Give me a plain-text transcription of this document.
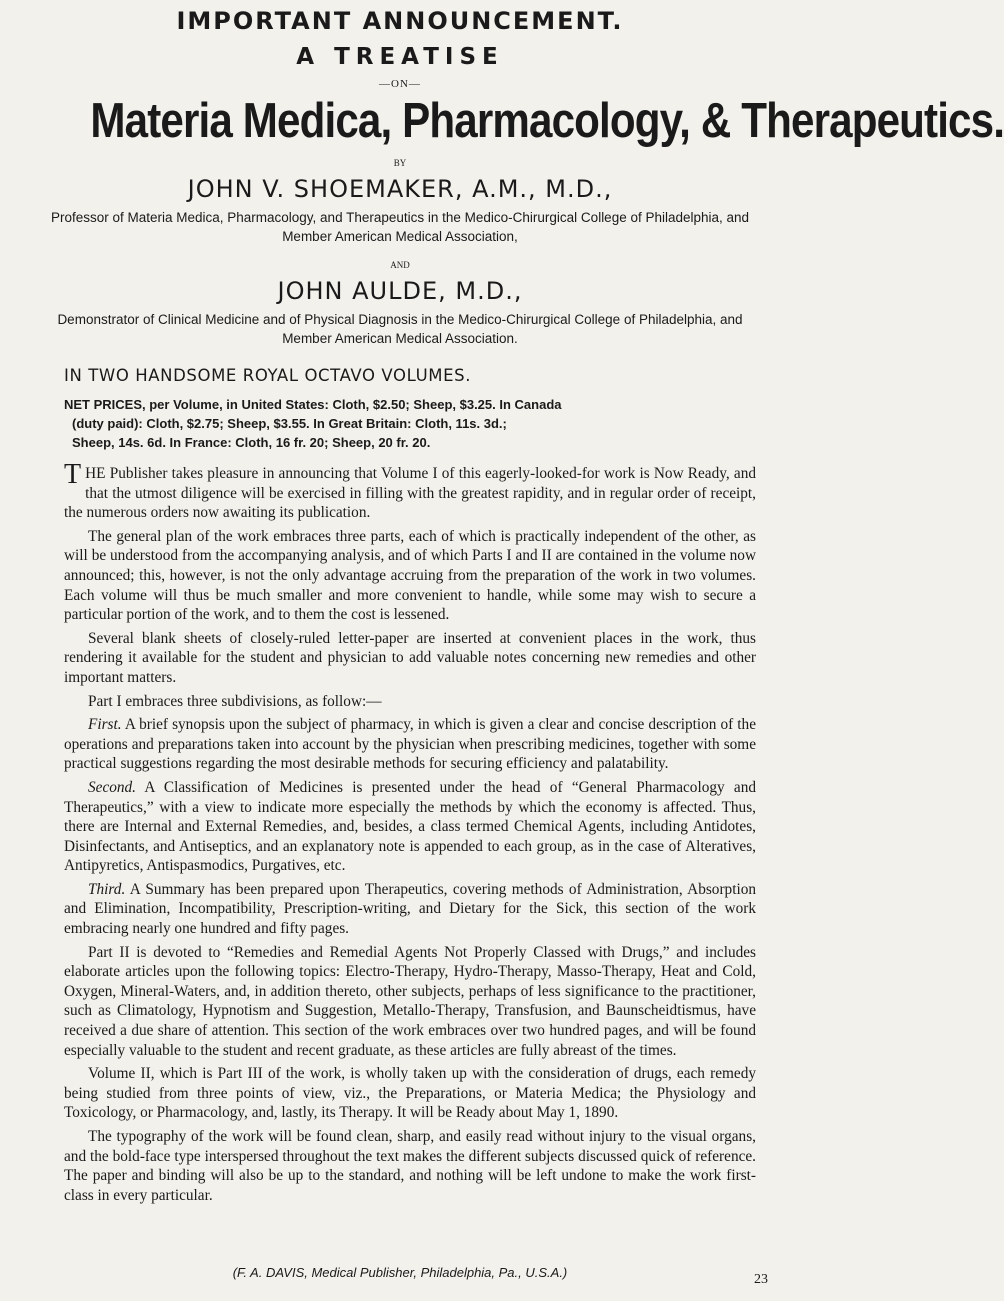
IMPORTANT ANNOUNCEMENT.
A TREATISE
—ON—
Materia Medica, Pharmacology, & Therapeutics.
BY
JOHN V. SHOEMAKER, A.M., M.D.,
Professor of Materia Medica, Pharmacology, and Therapeutics in the Medico-Chirurgical College of Philadelphia, and Member American Medical Association,
AND
JOHN AULDE, M.D.,
Demonstrator of Clinical Medicine and of Physical Diagnosis in the Medico-Chirurgical College of Philadelphia, and Member American Medical Association.
IN TWO HANDSOME ROYAL OCTAVO VOLUMES.

NET PRICES, per Volume, in United States: Cloth, $2.50; Sheep, $3.25. In Canada

(duty paid): Cloth, $2.75; Sheep, $3.55. In Great Britain: Cloth, 11s. 3d.;

Sheep, 14s. 6d. In France: Cloth, 16 fr. 20; Sheep, 20 fr. 20.

THE Publisher takes pleasure in announcing that Volume I of this eagerly-looked-for work is Now Ready, and that the utmost diligence will be exercised in filling with the greatest rapidity, and in regular order of receipt, the numerous orders now awaiting its publication.

The general plan of the work embraces three parts, each of which is practically independent of the other, as will be understood from the accompanying analysis, and of which Parts I and II are contained in the volume now announced; this, however, is not the only advantage accruing from the preparation of the work in two volumes. Each volume will thus be much smaller and more convenient to handle, while some may wish to secure a particular portion of the work, and to them the cost is lessened.

Several blank sheets of closely-ruled letter-paper are inserted at convenient places in the work, thus rendering it available for the student and physician to add valuable notes concerning new remedies and other important matters.

Part I embraces three subdivisions, as follow:—

First. A brief synopsis upon the subject of pharmacy, in which is given a clear and concise description of the operations and preparations taken into account by the physician when prescribing medicines, together with some practical suggestions regarding the most desirable methods for securing efficiency and palatability.

Second. A Classification of Medicines is presented under the head of “General Pharmacology and Therapeutics,” with a view to indicate more especially the methods by which the economy is affected. Thus, there are Internal and External Remedies, and, besides, a class termed Chemical Agents, including Antidotes, Disinfectants, and Antiseptics, and an explanatory note is appended to each group, as in the case of Alteratives, Antipyretics, Antispasmodics, Purgatives, etc.

Third. A Summary has been prepared upon Therapeutics, covering methods of Administration, Absorption and Elimination, Incompatibility, Prescription-writing, and Dietary for the Sick, this section of the work embracing nearly one hundred and fifty pages.

Part II is devoted to “Remedies and Remedial Agents Not Properly Classed with Drugs,” and includes elaborate articles upon the following topics: Electro-Therapy, Hydro-Therapy, Masso-Therapy, Heat and Cold, Oxygen, Mineral-Waters, and, in addition thereto, other subjects, perhaps of less significance to the practitioner, such as Climatology, Hypnotism and Suggestion, Metallo-Therapy, Transfusion, and Baunscheidtismus, have received a due share of attention. This section of the work embraces over two hundred pages, and will be found especially valuable to the student and recent graduate, as these articles are fully abreast of the times.

Volume II, which is Part III of the work, is wholly taken up with the consideration of drugs, each remedy being studied from three points of view, viz., the Preparations, or Materia Medica; the Physiology and Toxicology, or Pharmacology, and, lastly, its Therapy. It will be Ready about May 1, 1890.

The typography of the work will be found clean, sharp, and easily read without injury to the visual organs, and the bold-face type interspersed throughout the text makes the different subjects discussed quick of reference. The paper and binding will also be up to the standard, and nothing will be left undone to make the work first-class in every particular.

(F. A. DAVIS, Medical Publisher, Philadelphia, Pa., U.S.A.)	23
